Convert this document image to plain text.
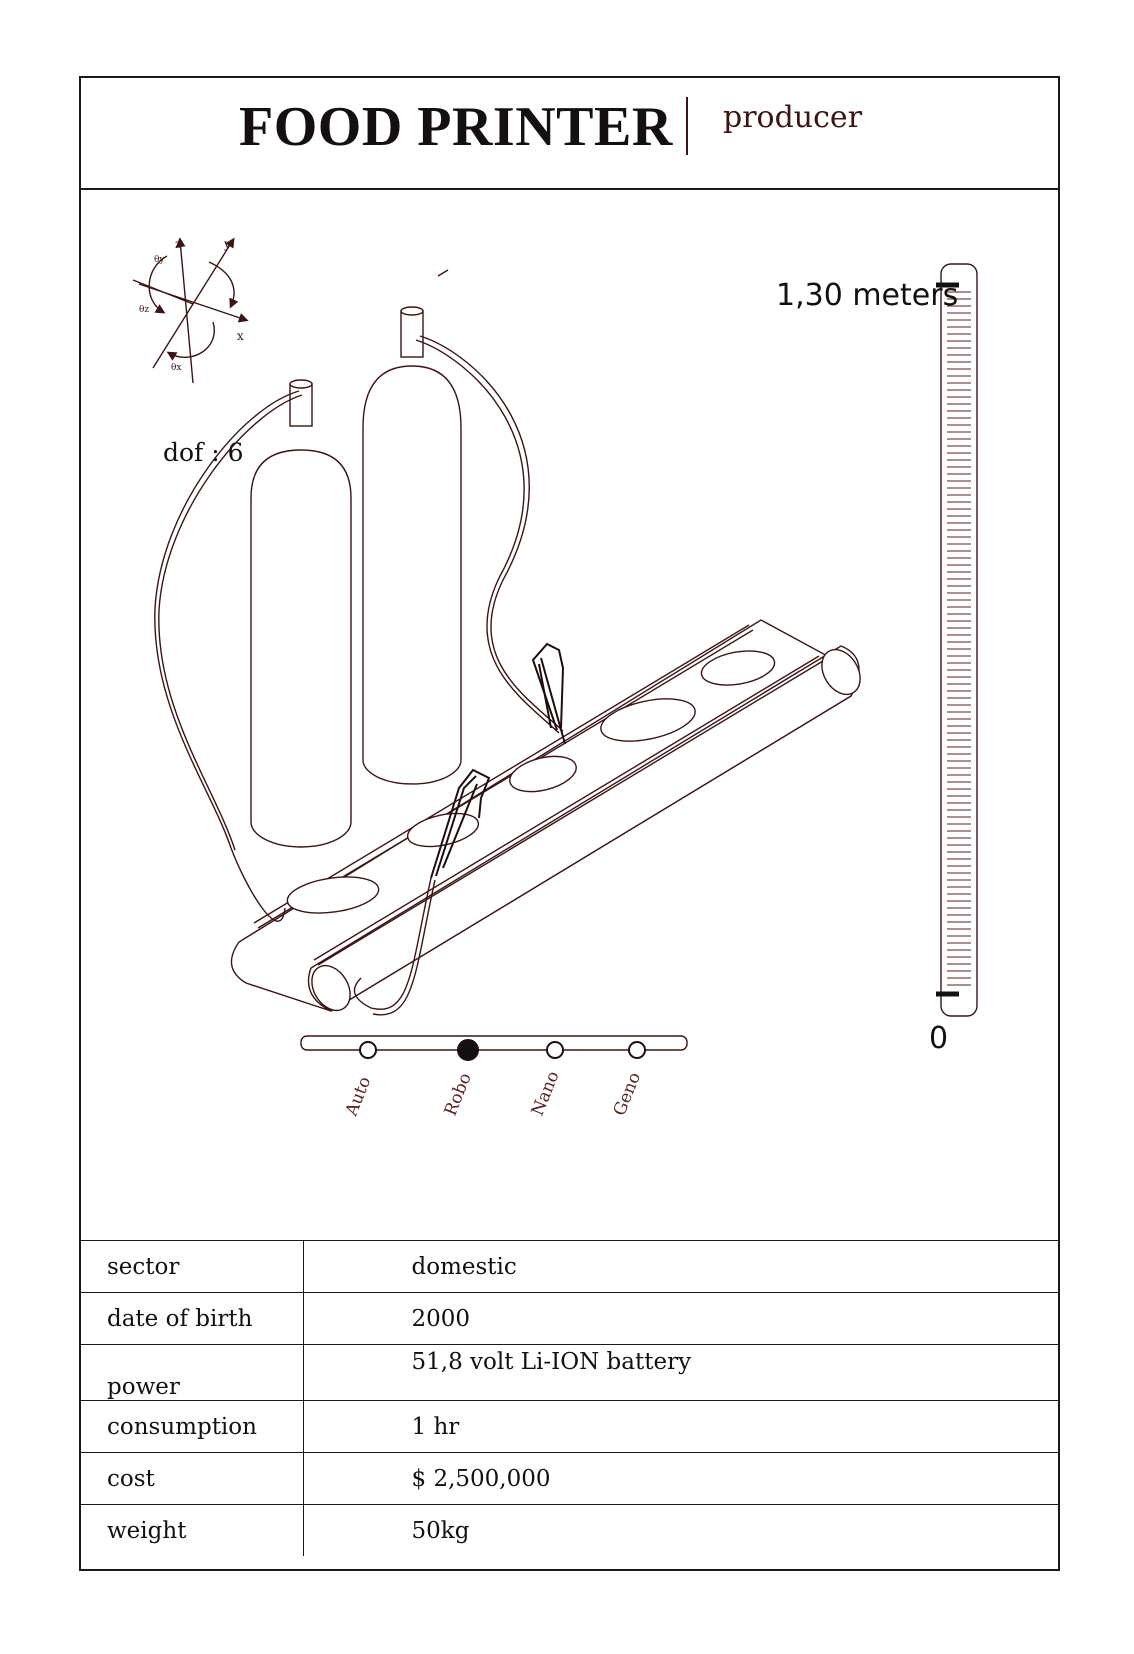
FOOD PRINTER producer
z	y
x
θy
θz
θx
dof : 6
1,30 meters
0
Auto	Robo	Nano	Geno
sector	domestic
date of birth	2000
power	51,8 volt Li-ION battery
consumption	1 hr
cost	$ 2,500,000
weight	50kg
